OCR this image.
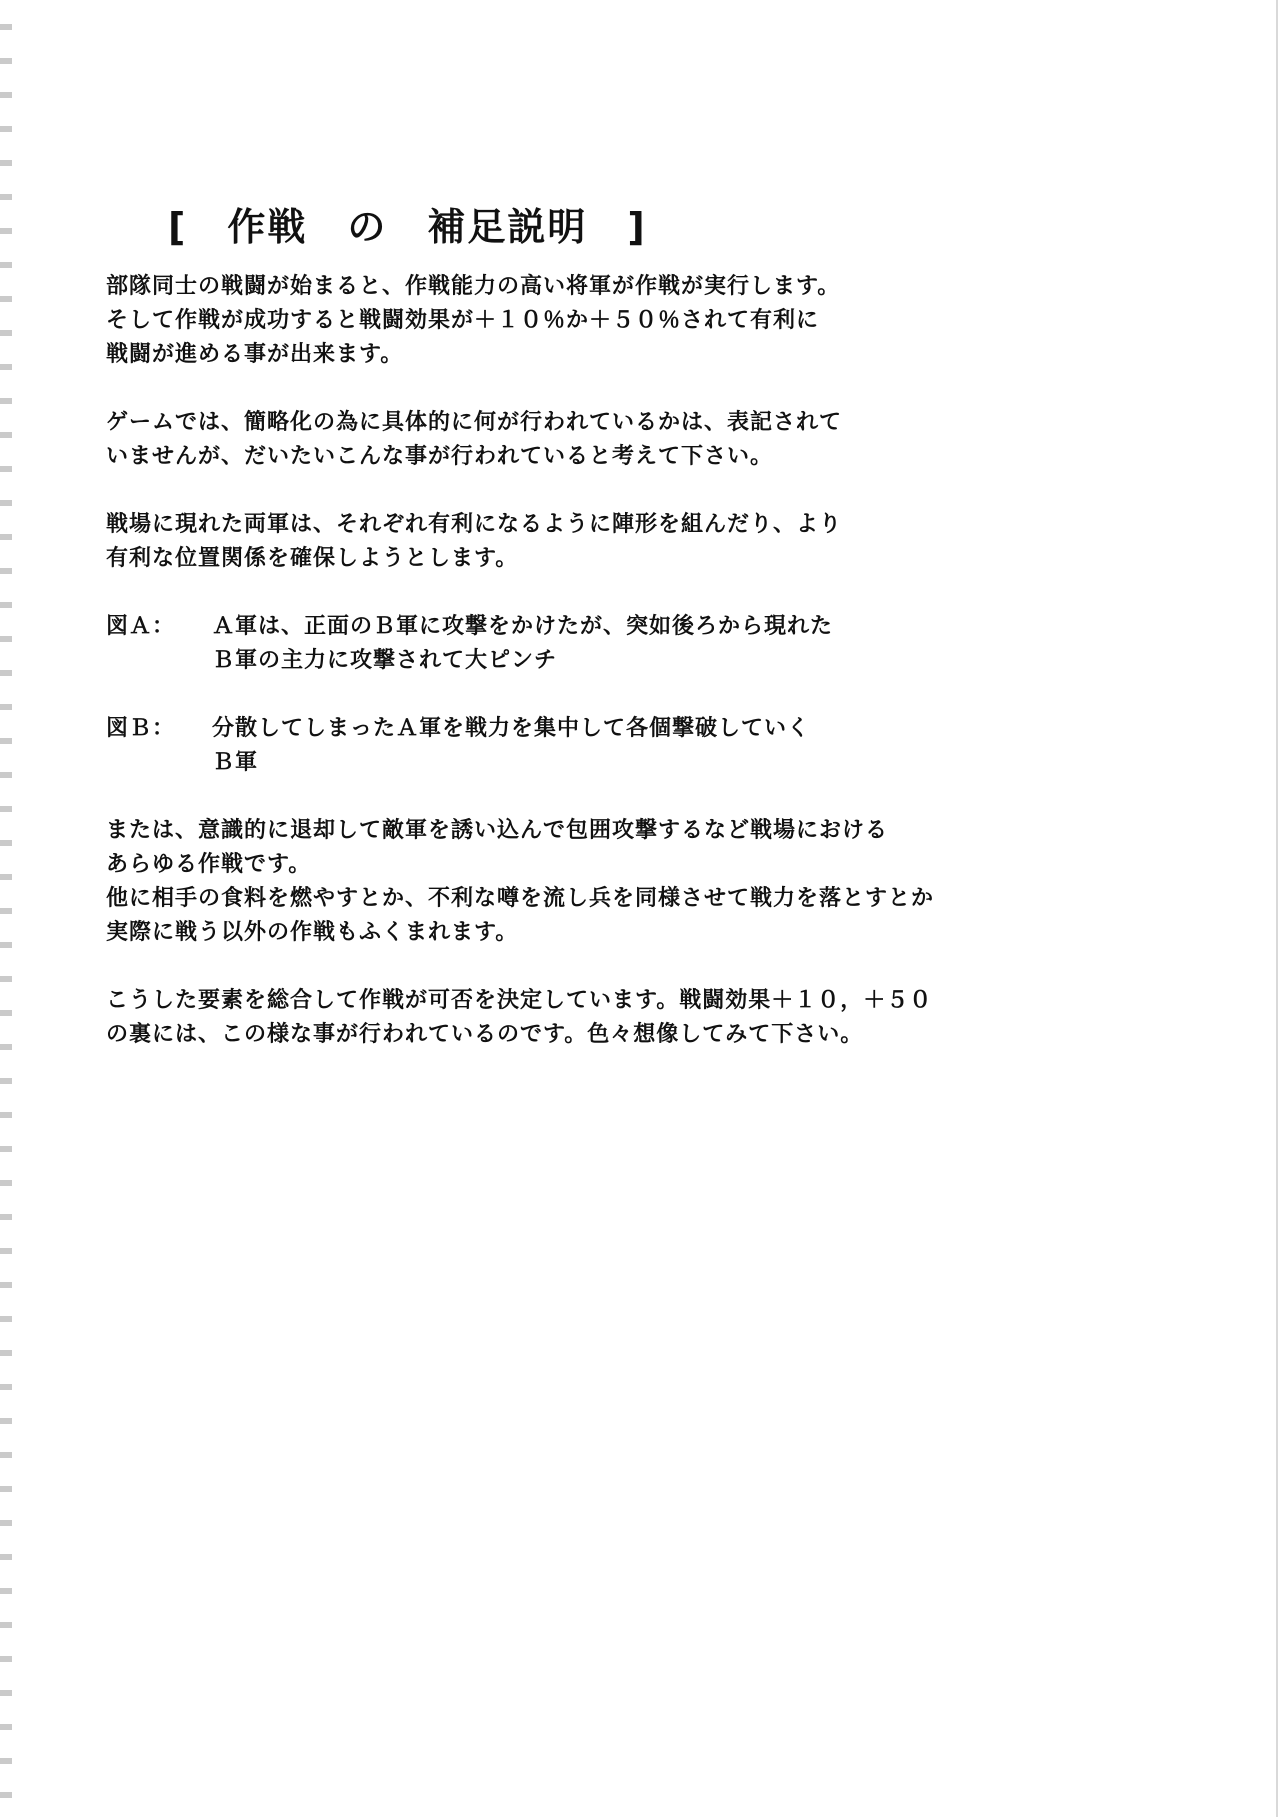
[　作戦　の　補足説明　]

部隊同士の戦闘が始まると、作戦能力の高い将軍が作戦が実行します。
そして作戦が成功すると戦闘効果が＋１０％か＋５０％されて有利に
戦闘が進める事が出来ます。

ゲームでは、簡略化の為に具体的に何が行われているかは、表記されて
いませんが、だいたいこんな事が行われていると考えて下さい。

戦場に現れた両軍は、それぞれ有利になるように陣形を組んだり、より
有利な位置関係を確保しようとします。

図Ａ：	Ａ軍は、正面のＢ軍に攻撃をかけたが、突如後ろから現れた
Ｂ軍の主力に攻撃されて大ピンチ
図Ｂ：	分散してしまったＡ軍を戦力を集中して各個撃破していく
Ｂ軍

または、意識的に退却して敵軍を誘い込んで包囲攻撃するなど戦場における
あらゆる作戦です。
他に相手の食料を燃やすとか、不利な噂を流し兵を同様させて戦力を落とすとか
実際に戦う以外の作戦もふくまれます。

こうした要素を総合して作戦が可否を決定しています。戦闘効果＋１０，＋５０
の裏には、この様な事が行われているのです。色々想像してみて下さい。
